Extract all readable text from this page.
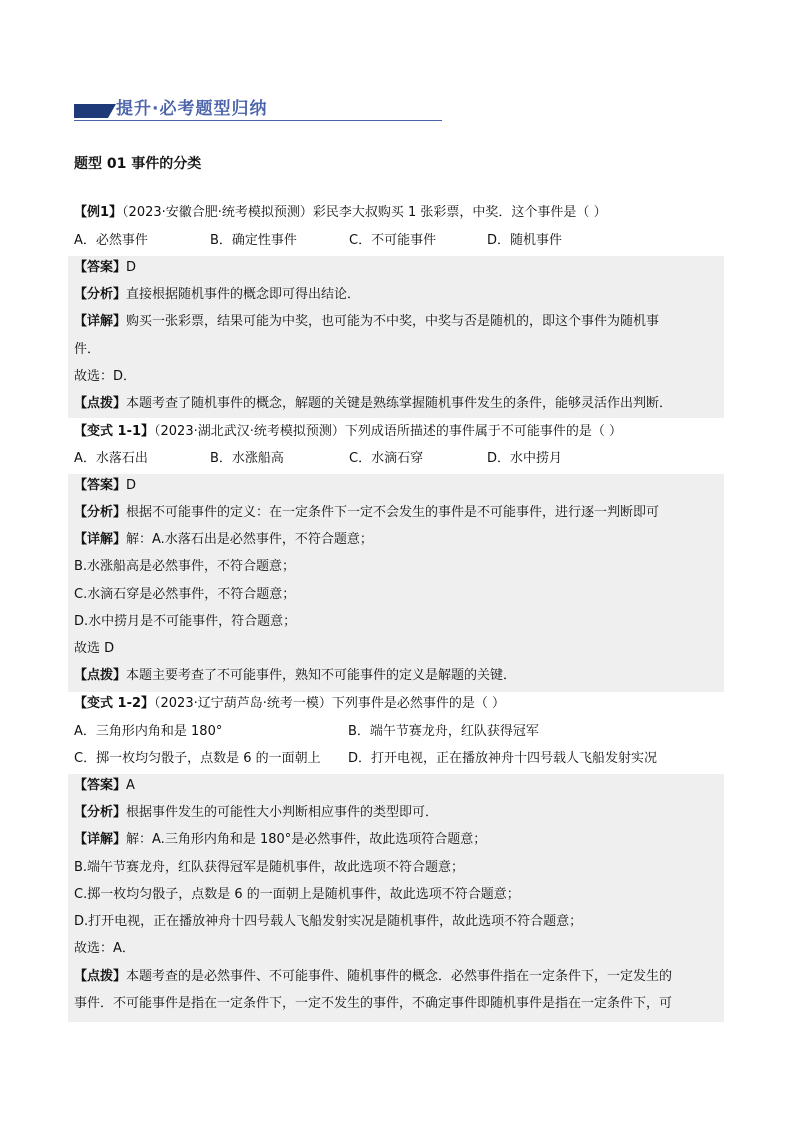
提升·必考题型归纳
题型 01 事件的分类
【例1】（2023·安徽合肥·统考模拟预测）彩民李大叔购买 1 张彩票，中奖．这个事件是（ ）
A．必然事件	B．确定性事件	C．不可能事件	D．随机事件
【答案】D
【分析】直接根据随机事件的概念即可得出结论．
【详解】购买一张彩票，结果可能为中奖，也可能为不中奖，中奖与否是随机的，即这个事件为随机事
件．
故选：D．
【点拨】本题考查了随机事件的概念，解题的关键是熟练掌握随机事件发生的条件，能够灵活作出判断．
【变式 1-1】（2023·湖北武汉·统考模拟预测）下列成语所描述的事件属于不可能事件的是（ ）
A．水落石出	B．水涨船高	C．水滴石穿	D．水中捞月
【答案】D
【分析】根据不可能事件的定义：在一定条件下一定不会发生的事件是不可能事件，进行逐一判断即可
【详解】解：A.水落石出是必然事件，不符合题意；
B.水涨船高是必然事件，不符合题意；
C.水滴石穿是必然事件，不符合题意；
D.水中捞月是不可能事件，符合题意；
故选 D
【点拨】本题主要考查了不可能事件，熟知不可能事件的定义是解题的关键．
【变式 1-2】（2023·辽宁葫芦岛·统考一模）下列事件是必然事件的是（ ）
A．三角形内角和是 180°	B．端午节赛龙舟，红队获得冠军
C．掷一枚均匀骰子，点数是 6 的一面朝上 D．打开电视，正在播放神舟十四号载人飞船发射实况
【答案】A
【分析】根据事件发生的可能性大小判断相应事件的类型即可．
【详解】解：A.三角形内角和是 180°是必然事件，故此选项符合题意；
B.端午节赛龙舟，红队获得冠军是随机事件，故此选项不符合题意；
C.掷一枚均匀骰子，点数是 6 的一面朝上是随机事件，故此选项不符合题意；
D.打开电视，正在播放神舟十四号载人飞船发射实况是随机事件，故此选项不符合题意；
故选：A．
【点拨】本题考查的是必然事件、不可能事件、随机事件的概念．必然事件指在一定条件下，一定发生的
事件．不可能事件是指在一定条件下，一定不发生的事件，不确定事件即随机事件是指在一定条件下，可
